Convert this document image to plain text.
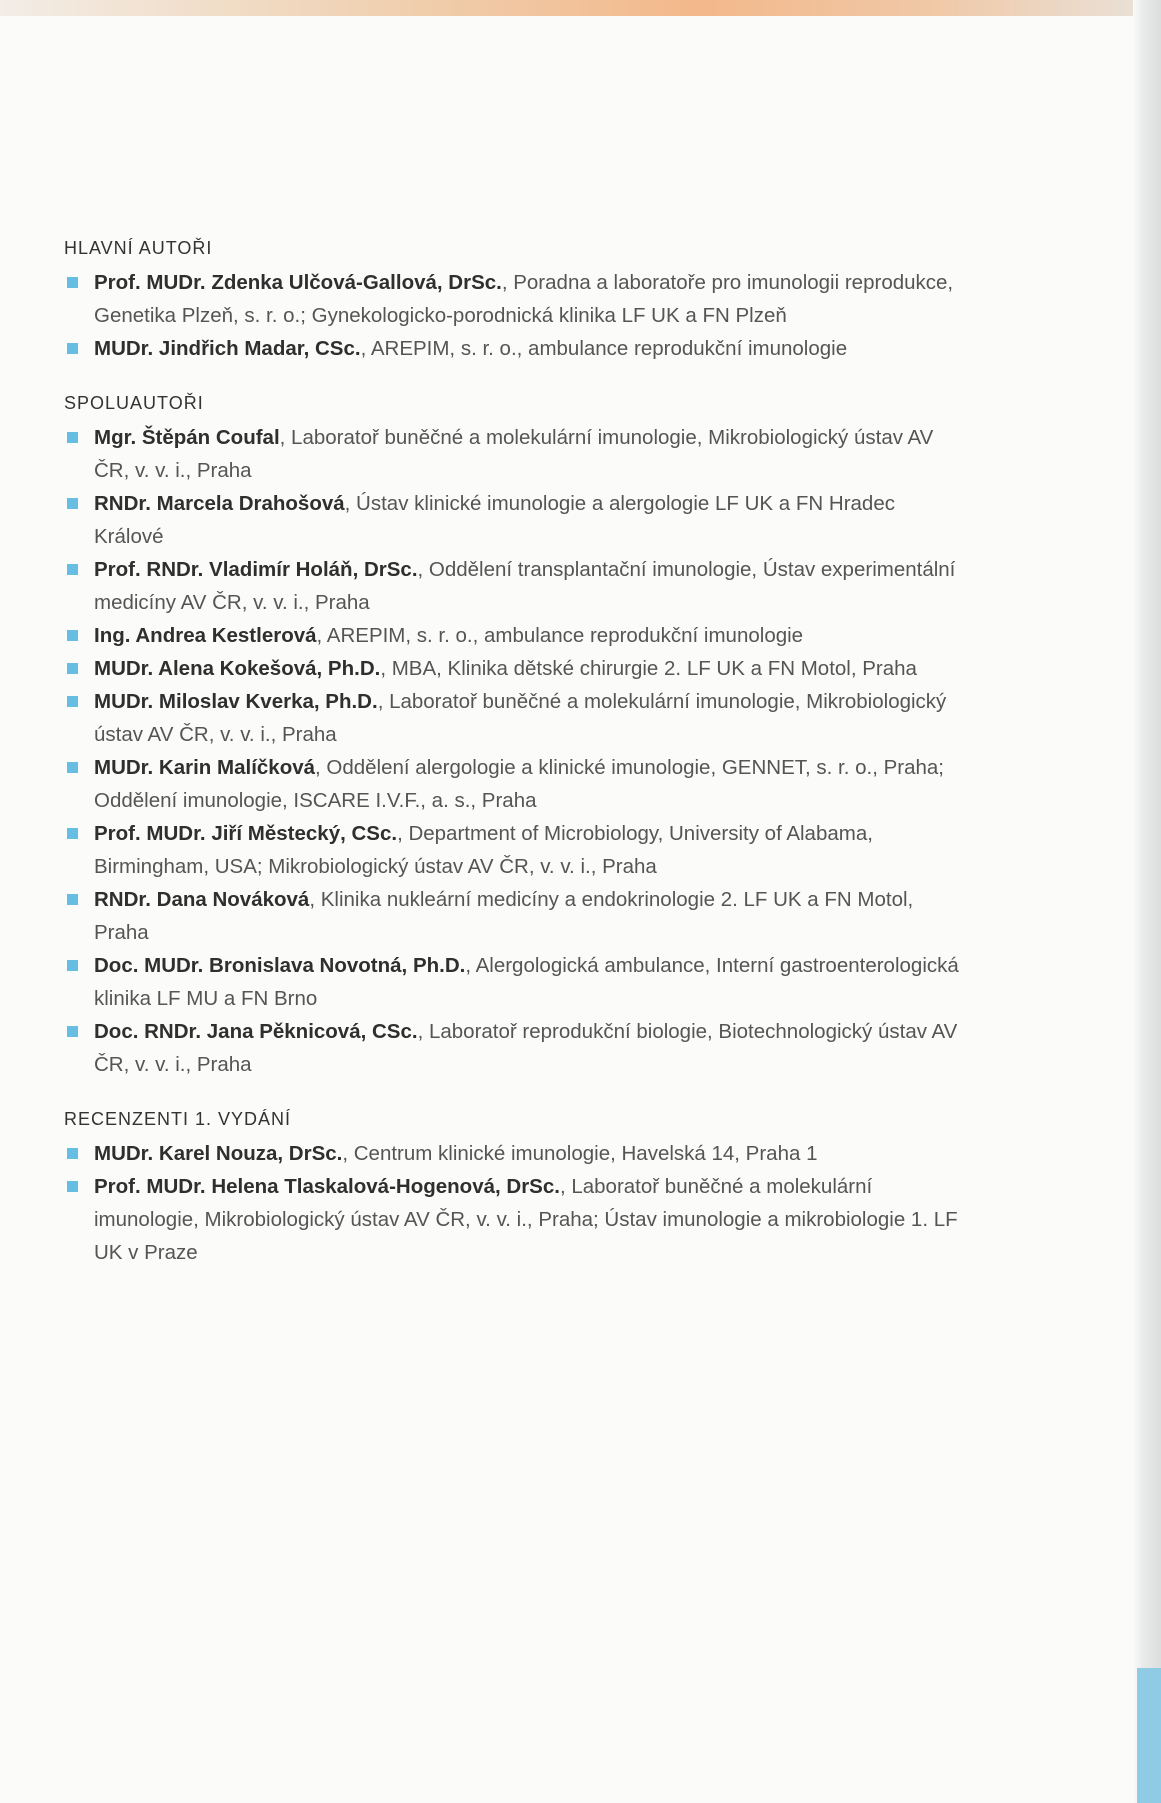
HLAVNÍ AUTOŘI
Prof. MUDr. Zdenka Ulčová-Gallová, DrSc., Poradna a laboratoře pro imunologii reprodukce, Genetika Plzeň, s. r. o.; Gynekologicko-porodnická klinika LF UK a FN Plzeň
MUDr. Jindřich Madar, CSc., AREPIM, s. r. o., ambulance reprodukční imunologie
SPOLUAUTOŘI
Mgr. Štěpán Coufal, Laboratoř buněčné a molekulární imunologie, Mikrobiologický ústav AV ČR, v. v. i., Praha
RNDr. Marcela Drahošová, Ústav klinické imunologie a alergologie LF UK a FN Hradec Králové
Prof. RNDr. Vladimír Holáň, DrSc., Oddělení transplantační imunologie, Ústav experimentální medicíny AV ČR, v. v. i., Praha
Ing. Andrea Kestlerová, AREPIM, s. r. o., ambulance reprodukční imunologie
MUDr. Alena Kokešová, Ph.D., MBA, Klinika dětské chirurgie 2. LF UK a FN Motol, Praha
MUDr. Miloslav Kverka, Ph.D., Laboratoř buněčné a molekulární imunologie, Mikrobiologický ústav AV ČR, v. v. i., Praha
MUDr. Karin Malíčková, Oddělení alergologie a klinické imunologie, GENNET, s. r. o., Praha; Oddělení imunologie, ISCARE I.V.F., a. s., Praha
Prof. MUDr. Jiří Městecký, CSc., Department of Microbiology, University of Alabama, Birmingham, USA; Mikrobiologický ústav AV ČR, v. v. i., Praha
RNDr. Dana Nováková, Klinika nukleární medicíny a endokrinologie 2. LF UK a FN Motol, Praha
Doc. MUDr. Bronislava Novotná, Ph.D., Alergologická ambulance, Interní gastroenterologická klinika LF MU a FN Brno
Doc. RNDr. Jana Pěknicová, CSc., Laboratoř reprodukční biologie, Biotechnologický ústav AV ČR, v. v. i., Praha
RECENZENTI 1. VYDÁNÍ
MUDr. Karel Nouza, DrSc., Centrum klinické imunologie, Havelská 14, Praha 1
Prof. MUDr. Helena Tlaskalová-Hogenová, DrSc., Laboratoř buněčné a molekulární imunologie, Mikrobiologický ústav AV ČR, v. v. i., Praha; Ústav imunologie a mikrobiologie 1. LF UK v Praze
